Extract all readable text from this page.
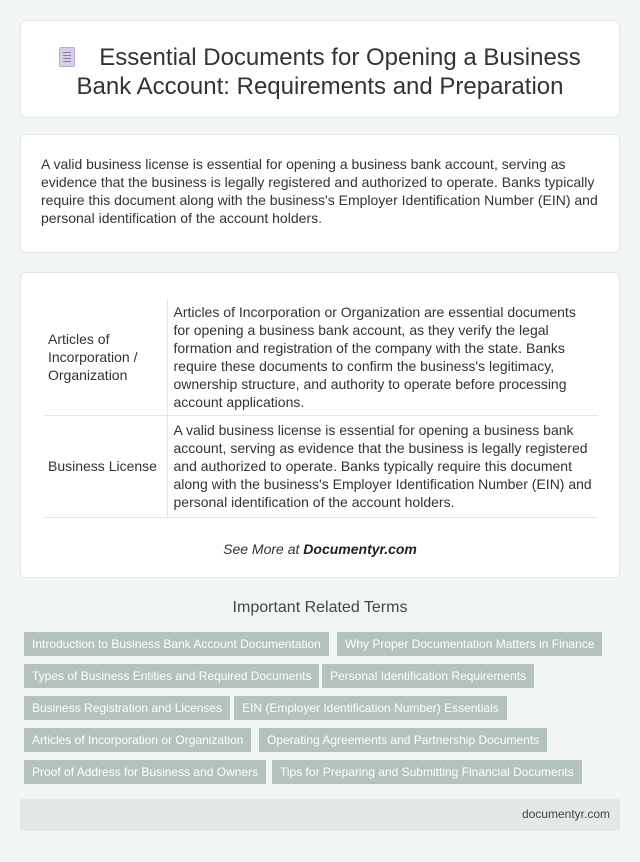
Essential Documents for Opening a Business Bank Account: Requirements and Preparation

A valid business license is essential for opening a business bank account, serving as evidence that the business is legally registered and authorized to operate. Banks typically require this document along with the business's Employer Identification Number (EIN) and personal identification of the account holders.

Articles of Incorporation / Organization	Articles of Incorporation or Organization are essential documents for opening a business bank account, as they verify the legal formation and registration of the company with the state. Banks require these documents to confirm the business's legitimacy, ownership structure, and authority to operate before processing account applications.
Business License	A valid business license is essential for opening a business bank account, serving as evidence that the business is legally registered and authorized to operate. Banks typically require this document along with the business's Employer Identification Number (EIN) and personal identification of the account holders.
See More at Documentyr.com
Important Related Terms
Introduction to Business Bank Account Documentation	Why Proper Documentation Matters in Finance
Types of Business Entities and Required Documents	Personal Identification Requirements
Business Registration and Licenses	EIN (Employer Identification Number) Essentials
Articles of Incorporation or Organization	Operating Agreements and Partnership Documents
Proof of Address for Business and Owners	Tips for Preparing and Submitting Financial Documents
documentyr.com
